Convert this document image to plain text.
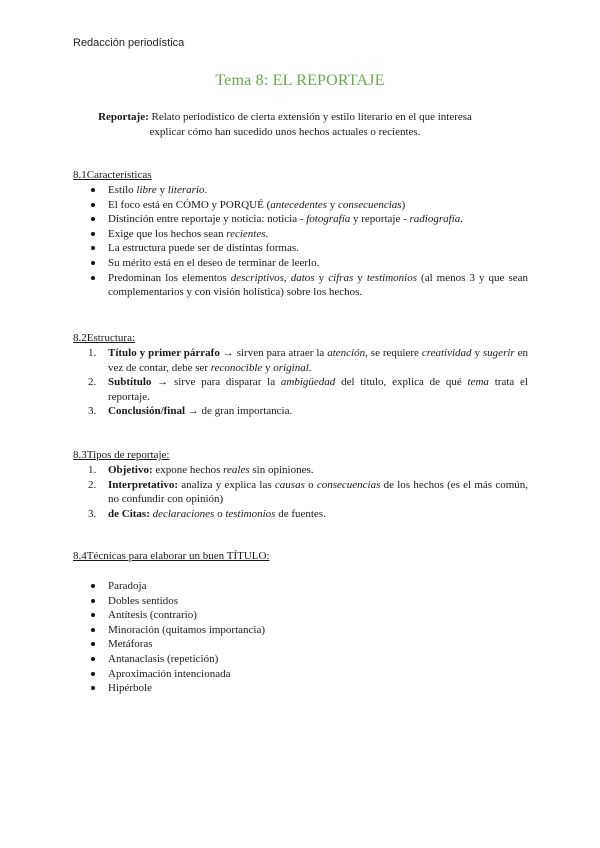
Redacción periodística
Tema 8: EL REPORTAJE
Reportaje: Relato periodístico de cierta extensión y estilo literario en el que interesa
explicar cómo han sucedido unos hechos actuales o recientes.
8.1Características
Estilo libre y literario.
El foco está en CÓMO y PORQUÉ (antecedentes y consecuencias)
Distinción entre reportaje y noticia: noticia - fotografía y reportaje - radiografía.
Exige que los hechos sean recientes.
La estructura puede ser de distintas formas.
Su mérito está en el deseo de terminar de leerlo.
Predominan los elementos descriptivos, datos y cifras y testimonios (al menos 3 y que sean complementarios y con visión holística) sobre los hechos.
8.2Estructura:
1. Título y primer párrafo → sirven para atraer la atención, se requiere creatividad y sugerir en vez de contar, debe ser reconocible y original.
2. Subtítulo → sirve para disparar la ambigüedad del título, explica de qué tema trata el reportaje.
3. Conclusión/final → de gran importancia.
8.3Tipos de reportaje:
1. Objetivo: expone hechos reales sin opiniones.
2. Interpretativo: analiza y explica las causas o consecuencias de los hechos (es el más común, no confundir con opinión)
3. de Citas: declaraciones o testimonios de fuentes.
8.4Técnicas para elaborar un buen TÍTULO:
Paradoja
Dobles sentidos
Antítesis (contrario)
Minoración (quitamos importancia)
Metáforas
Antanaclasis (repetición)
Aproximación intencionada
Hipérbole
